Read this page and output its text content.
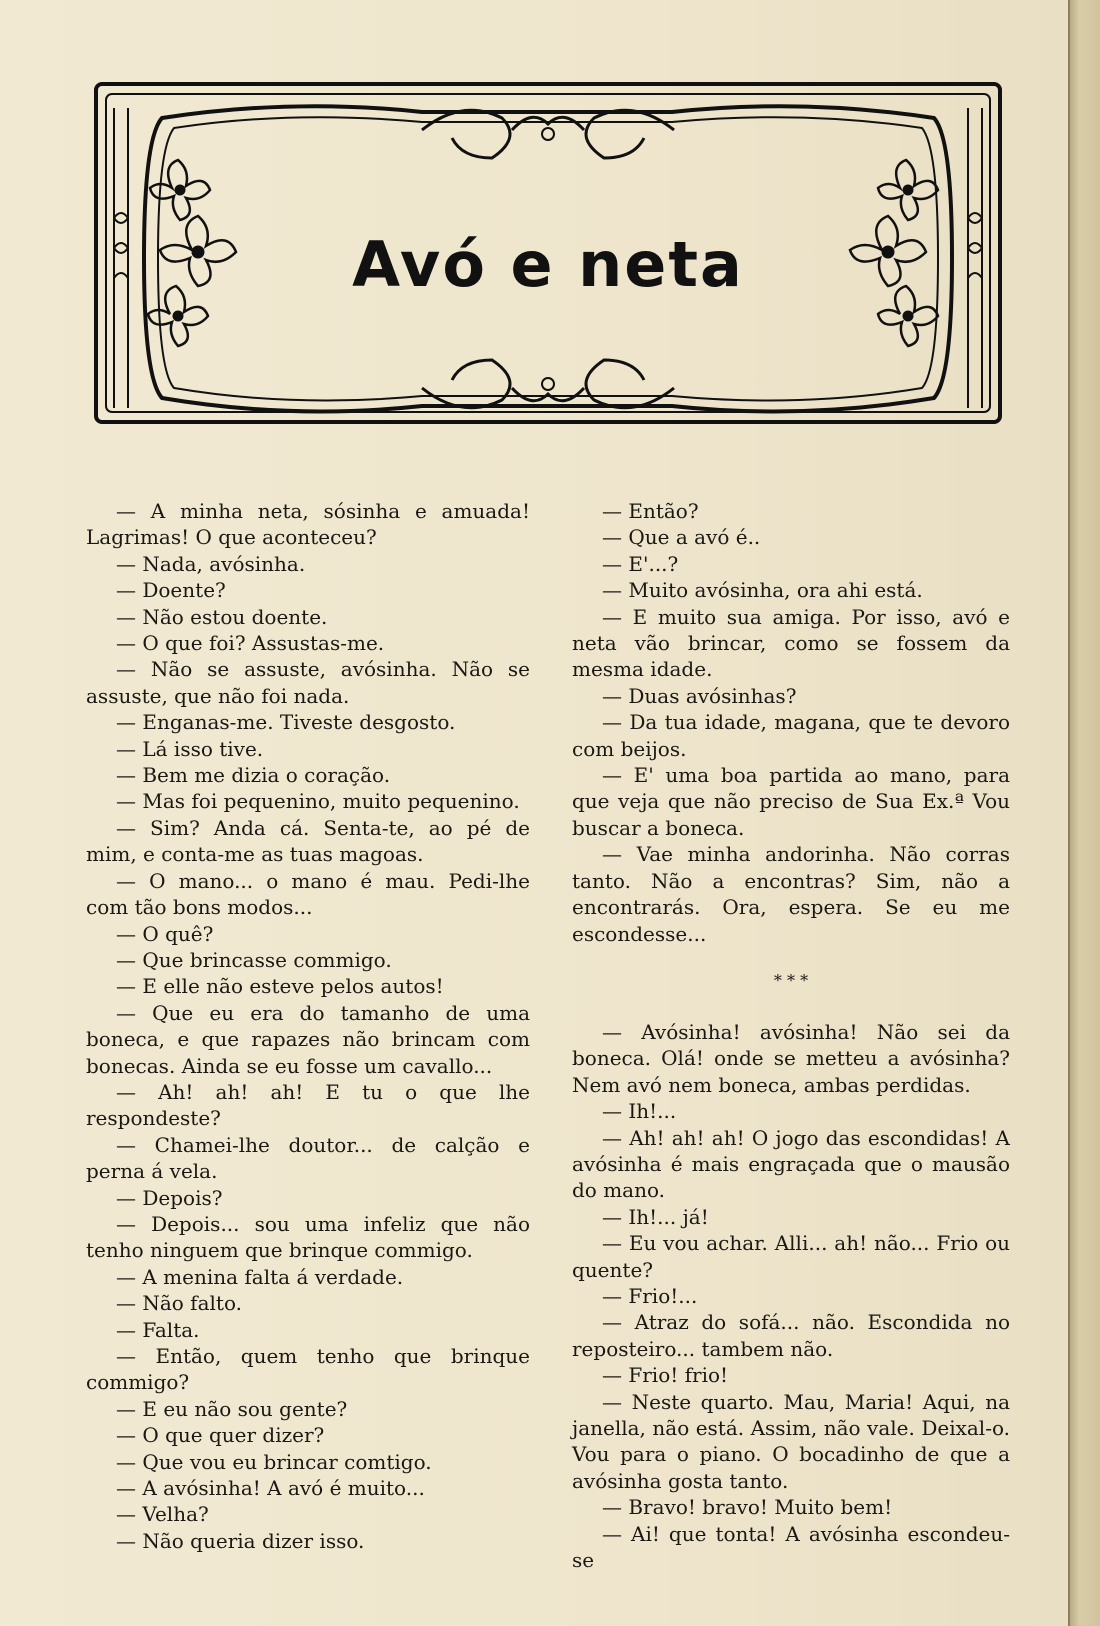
Avó e neta

— A minha neta, sósinha e amuada! Lagrimas! O que aconteceu?

— Nada, avósinha.

— Doente?

— Não estou doente.

— O que foi? Assustas-me.

— Não se assuste, avósinha. Não se assuste, que não foi nada.

— Enganas-me. Tiveste desgosto.

— Lá isso tive.

— Bem me dizia o coração.

— Mas foi pequenino, muito pequenino.

— Sim? Anda cá. Senta-te, ao pé de mim, e conta-me as tuas magoas.

— O mano... o mano é mau. Pedi-lhe com tão bons modos...

— O quê?

— Que brincasse commigo.

— E elle não esteve pelos autos!

— Que eu era do tamanho de uma boneca, e que rapazes não brincam com bonecas. Ainda se eu fosse um cavallo...

— Ah! ah! ah! E tu o que lhe respondeste?

— Chamei-lhe doutor... de calção e perna á vela.

— Depois?

— Depois... sou uma infeliz que não tenho ninguem que brinque commigo.

— A menina falta á verdade.

— Não falto.

— Falta.

— Então, quem tenho que brinque commigo?

— E eu não sou gente?

— O que quer dizer?

— Que vou eu brincar comtigo.

— A avósinha! A avó é muito...

— Velha?

— Não queria dizer isso.

— Então?

— Que a avó é..

— E'...?

— Muito avósinha, ora ahi está.

— E muito sua amiga. Por isso, avó e neta vão brincar, como se fossem da mesma idade.

— Duas avósinhas?

— Da tua idade, magana, que te devoro com beijos.

— E' uma boa partida ao mano, para que veja que não preciso de Sua Ex.ª Vou buscar a boneca.

— Vae minha andorinha. Não corras tanto. Não a encontras? Sim, não a encontrarás. Ora, espera. Se eu me escondesse...

* * *

— Avósinha! avósinha! Não sei da boneca. Olá! onde se metteu a avósinha? Nem avó nem boneca, ambas perdidas.

— Ih!...

— Ah! ah! ah! O jogo das escondidas! A avósinha é mais engraçada que o mausão do mano.

— Ih!... já!

— Eu vou achar. Alli... ah! não... Frio ou quente?

— Frio!...

— Atraz do sofá... não. Escondida no reposteiro... tambem não.

— Frio! frio!

— Neste quarto. Mau, Maria! Aqui, na janella, não está. Assim, não vale. Deixal-o. Vou para o piano. O bocadinho de que a avósinha gosta tanto.

— Bravo! bravo! Muito bem!

— Ai! que tonta! A avósinha escondeu-se
